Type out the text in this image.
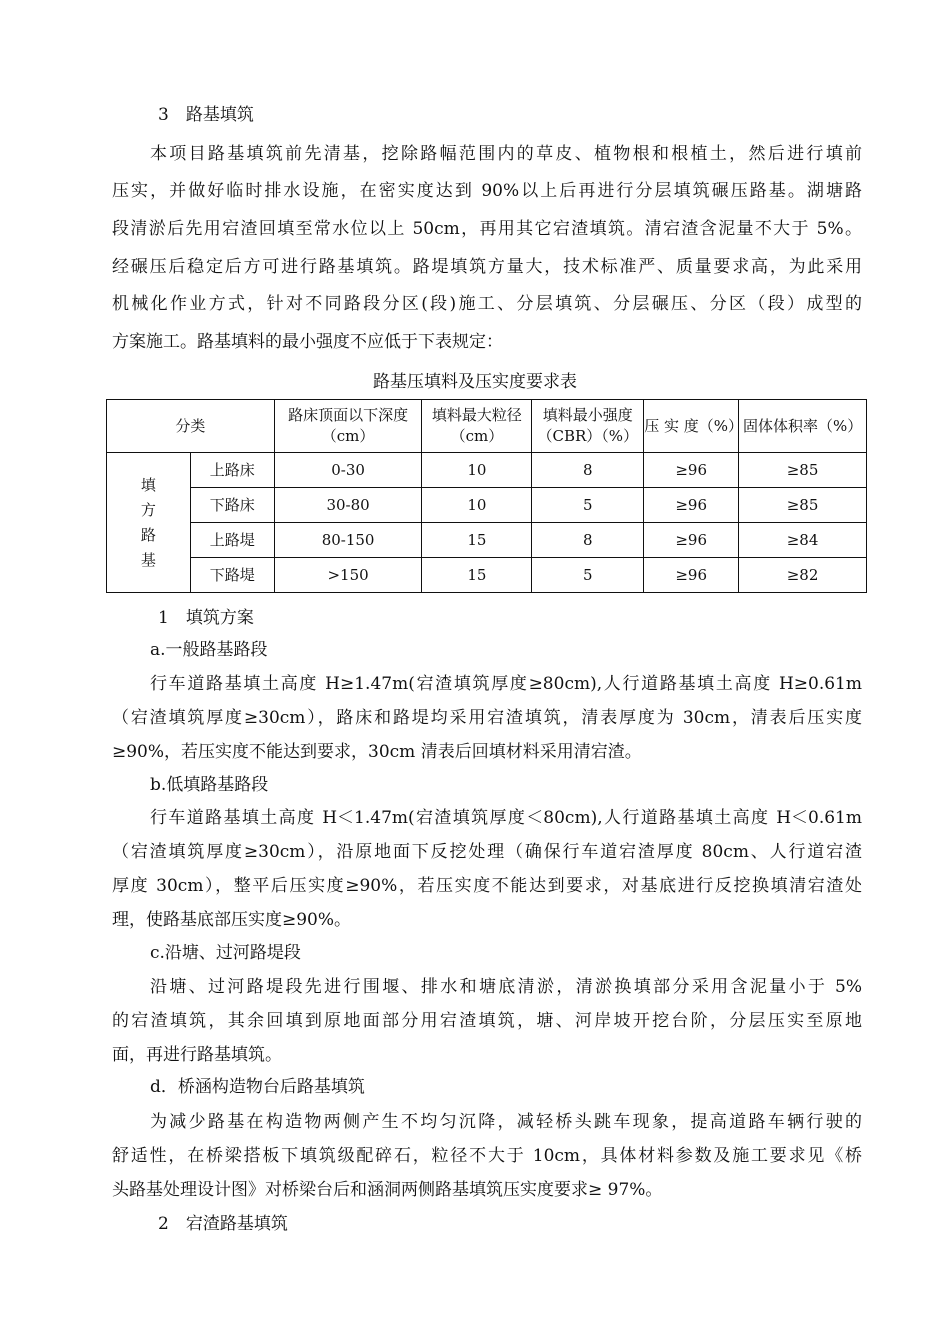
3　路基填筑
本项目路基填筑前先清基，挖除路幅范围内的草皮、植物根和根植土，然后进行填前
压实，并做好临时排水设施，在密实度达到 90%以上后再进行分层填筑碾压路基。湖塘路
段清淤后先用宕渣回填至常水位以上 50cm，再用其它宕渣填筑。清宕渣含泥量不大于 5%。
经碾压后稳定后方可进行路基填筑。路堤填筑方量大，技术标准严、质量要求高，为此采用
机械化作业方式，针对不同路段分区(段)施工、分层填筑、分层碾压、分区（段）成型的
方案施工。路基填料的最小强度不应低于下表规定：
路基压填料及压实度要求表
分类		路床顶面以下深度（cm）	填料最大粒径（cm）	填料最小强度（CBR）（%）	压 实 度（%）	固体体积率（%）
填方路基	上路床	0-30	10	8	≥96	≥85
	下路床	30-80	10	5	≥96	≥85
	上路堤	80-150	15	8	≥96	≥84
	下路堤	>150	15	5	≥96	≥82
1　填筑方案
a.一般路基路段
行车道路基填土高度 H≥1.47m(宕渣填筑厚度≥80cm),人行道路基填土高度 H≥0.61m
（宕渣填筑厚度≥30cm），路床和路堤均采用宕渣填筑，清表厚度为 30cm，清表后压实度
≥90%，若压实度不能达到要求，30cm 清表后回填材料采用清宕渣。
b.低填路基路段
行车道路基填土高度 H＜1.47m(宕渣填筑厚度＜80cm),人行道路基填土高度 H＜0.61m
（宕渣填筑厚度≥30cm），沿原地面下反挖处理（确保行车道宕渣厚度 80cm、人行道宕渣
厚度 30cm），整平后压实度≥90%，若压实度不能达到要求，对基底进行反挖换填清宕渣处
理，使路基底部压实度≥90%。
c.沿塘、过河路堤段
沿塘、过河路堤段先进行围堰、排水和塘底清淤，清淤换填部分采用含泥量小于 5%
的宕渣填筑，其余回填到原地面部分用宕渣填筑，塘、河岸坡开挖台阶，分层压实至原地
面，再进行路基填筑。
d．桥涵构造物台后路基填筑
为减少路基在构造物两侧产生不均匀沉降，减轻桥头跳车现象，提高道路车辆行驶的
舒适性，在桥梁搭板下填筑级配碎石，粒径不大于 10cm，具体材料参数及施工要求见《桥
头路基处理设计图》对桥梁台后和涵洞两侧路基填筑压实度要求≥ 97%。
2　宕渣路基填筑
